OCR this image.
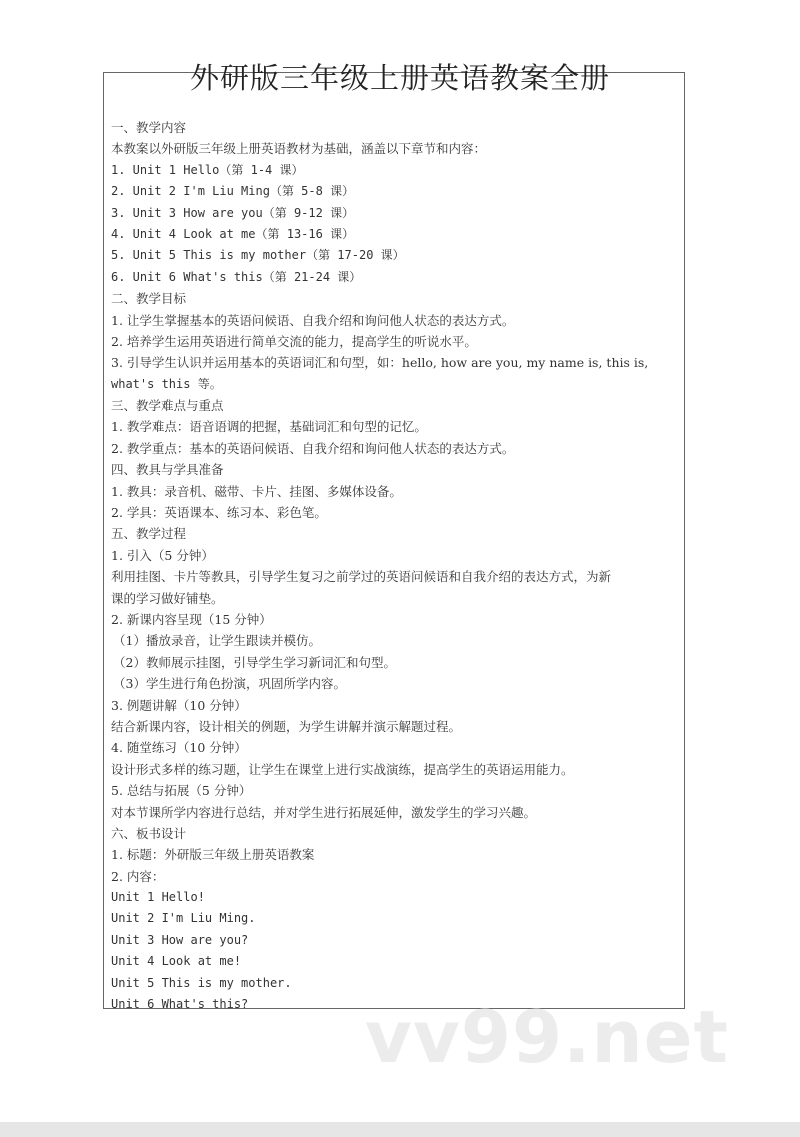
外研版三年级上册英语教案全册
一、教学内容
本教案以外研版三年级上册英语教材为基础，涵盖以下章节和内容：
1. Unit 1 Hello（第 1-4 课）
2. Unit 2 I'm Liu Ming（第 5-8 课）
3. Unit 3 How are you（第 9-12 课）
4. Unit 4 Look at me（第 13-16 课）
5. Unit 5 This is my mother（第 17-20 课）
6. Unit 6 What's this（第 21-24 课）
二、教学目标
1. 让学生掌握基本的英语问候语、自我介绍和询问他人状态的表达方式。
2. 培养学生运用英语进行简单交流的能力，提高学生的听说水平。
3. 引导学生认识并运用基本的英语词汇和句型，如：hello, how are you, my name is, this is,
what's this 等。
三、教学难点与重点
1. 教学难点：语音语调的把握，基础词汇和句型的记忆。
2. 教学重点：基本的英语问候语、自我介绍和询问他人状态的表达方式。
四、教具与学具准备
1. 教具：录音机、磁带、卡片、挂图、多媒体设备。
2. 学具：英语课本、练习本、彩色笔。
五、教学过程
1. 引入（5 分钟）
利用挂图、卡片等教具，引导学生复习之前学过的英语问候语和自我介绍的表达方式，为新
课的学习做好铺垫。
2. 新课内容呈现（15 分钟）
（1）播放录音，让学生跟读并模仿。
（2）教师展示挂图，引导学生学习新词汇和句型。
（3）学生进行角色扮演，巩固所学内容。
3. 例题讲解（10 分钟）
结合新课内容，设计相关的例题，为学生讲解并演示解题过程。
4. 随堂练习（10 分钟）
设计形式多样的练习题，让学生在课堂上进行实战演练，提高学生的英语运用能力。
5. 总结与拓展（5 分钟）
对本节课所学内容进行总结，并对学生进行拓展延伸，激发学生的学习兴趣。
六、板书设计
1. 标题：外研版三年级上册英语教案
2. 内容：
Unit 1 Hello!
Unit 2 I'm Liu Ming.
Unit 3 How are you?
Unit 4 Look at me!
Unit 5 This is my mother.
Unit 6 What's this?	vv99.net
